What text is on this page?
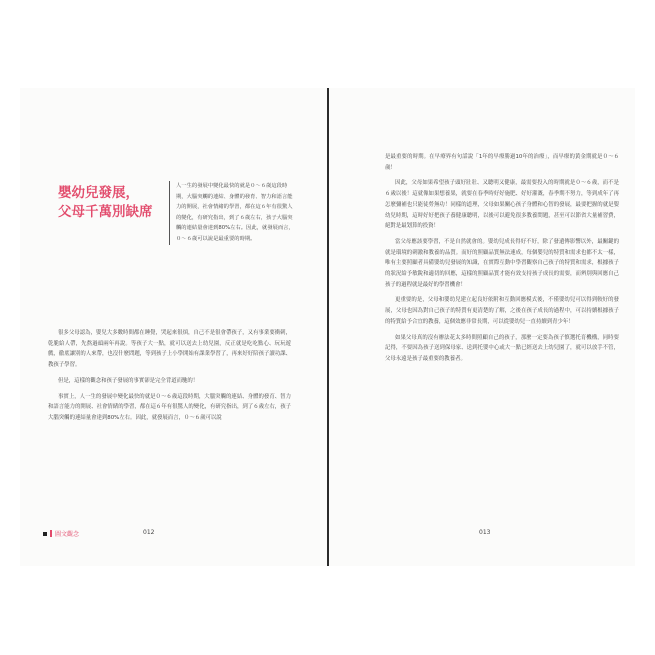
嬰幼兒發展，
父母千萬別缺席
人一生的發展中變化最快的就是０～６歲這段時期，大腦突觸的連結、身體的發育、智力和語言能力的開展，社會情緒的學習，都在這６年有很驚人的變化，有研究指出，到了６歲左右，孩子大腦突觸的連結量會達到80%左右。因此，就發展而言，０～６歲可以說是最重要的時期。

很多父母認為，嬰兒大多數時間都在睡覺，哭起來很煩，自己不是很會帶孩子，又有事業要衝刺，乾脆給人帶，先熬過頭兩年再說。等孩子大一點，就可以送去上幼兒園，反正就是吃吃點心、玩玩遊戲，徹底讓別的人來帶，也沒什麼問題，等到孩子上小學開始有課業學習了，再來好好陪孩子讀功課、教孩子學習。

但是，這樣的觀念和孩子發展的事實卻是完全背道而馳的！

事實上，人一生的發展中變化最快的就是０～６歲這段時期，大腦突觸的連結、身體的發育、智力和語言能力的開展、社會情緒的學習，都在這６年有很驚人的變化，有研究指出，到了６歲左右，孩子大腦突觸的連結量會達到80%左右。因此，就發展而言，０～６歲可以說

圖文觀念	012

是最重要的時期。在早療界有句話說「1年的早療勝過10年的治療」，而早療的黃金期就是０～６歲！

因此，父母如果希望孩子頭好壯壯、又聰明又健康，最需要投入的時期就是０～６歲，而不是６歲以後！這就像如果想養果，就要在春季時好好施肥、好好灌溉，春季期不努力，等到成年了再怎麼彌補也只能徒勞無功！同樣的道理，父母如果關心孩子身體和心智的發展，最要把握的就是嬰幼兒時期，這時好好把孩子養健康聰明，以後可以避免很多教養問題，甚至可以節省大量補習費，絕對是最划算的投資！

當父母應該要學習，不是自然就會的。嬰幼兒成長得好不好，除了發遺傳影響以外，最關鍵的就是環境的刺激和教養的品質。而好的照顧品質無法速成，每個嬰兒的特質和需求也都不太一樣，唯有主要照顧者具備嬰幼兒發展的知識，在實際互動中學習觀察自己孩子的特質和需求，根據孩子的狀況給予敏銳和適切的回應，這樣的照顧品質才能有效支持孩子成長的需要，而辨別與回應自己孩子的過程就是最好的學習機會！

更重要的是，父母和嬰幼兒建立起良好依附和互動回應模式後，不僅嬰幼兒可以得到較好的發展，父母也因為對自己孩子的特質有更清楚的了解，之後在孩子成長的過程中，可以持續根據孩子的特質給予合宜的教養，這個效應非常長期，可以從嬰幼兒一直持續到青少年！

如果父母真的沒有辦法花太多時間照顧自己的孩子，那麼一定要為孩子慎選托育機構，同時要記得，不要因為孩子送到保母家、送到托嬰中心或大一點已經送去上幼兒園了，就可以放手不管，父母永遠是孩子最重要的教養者。

013
